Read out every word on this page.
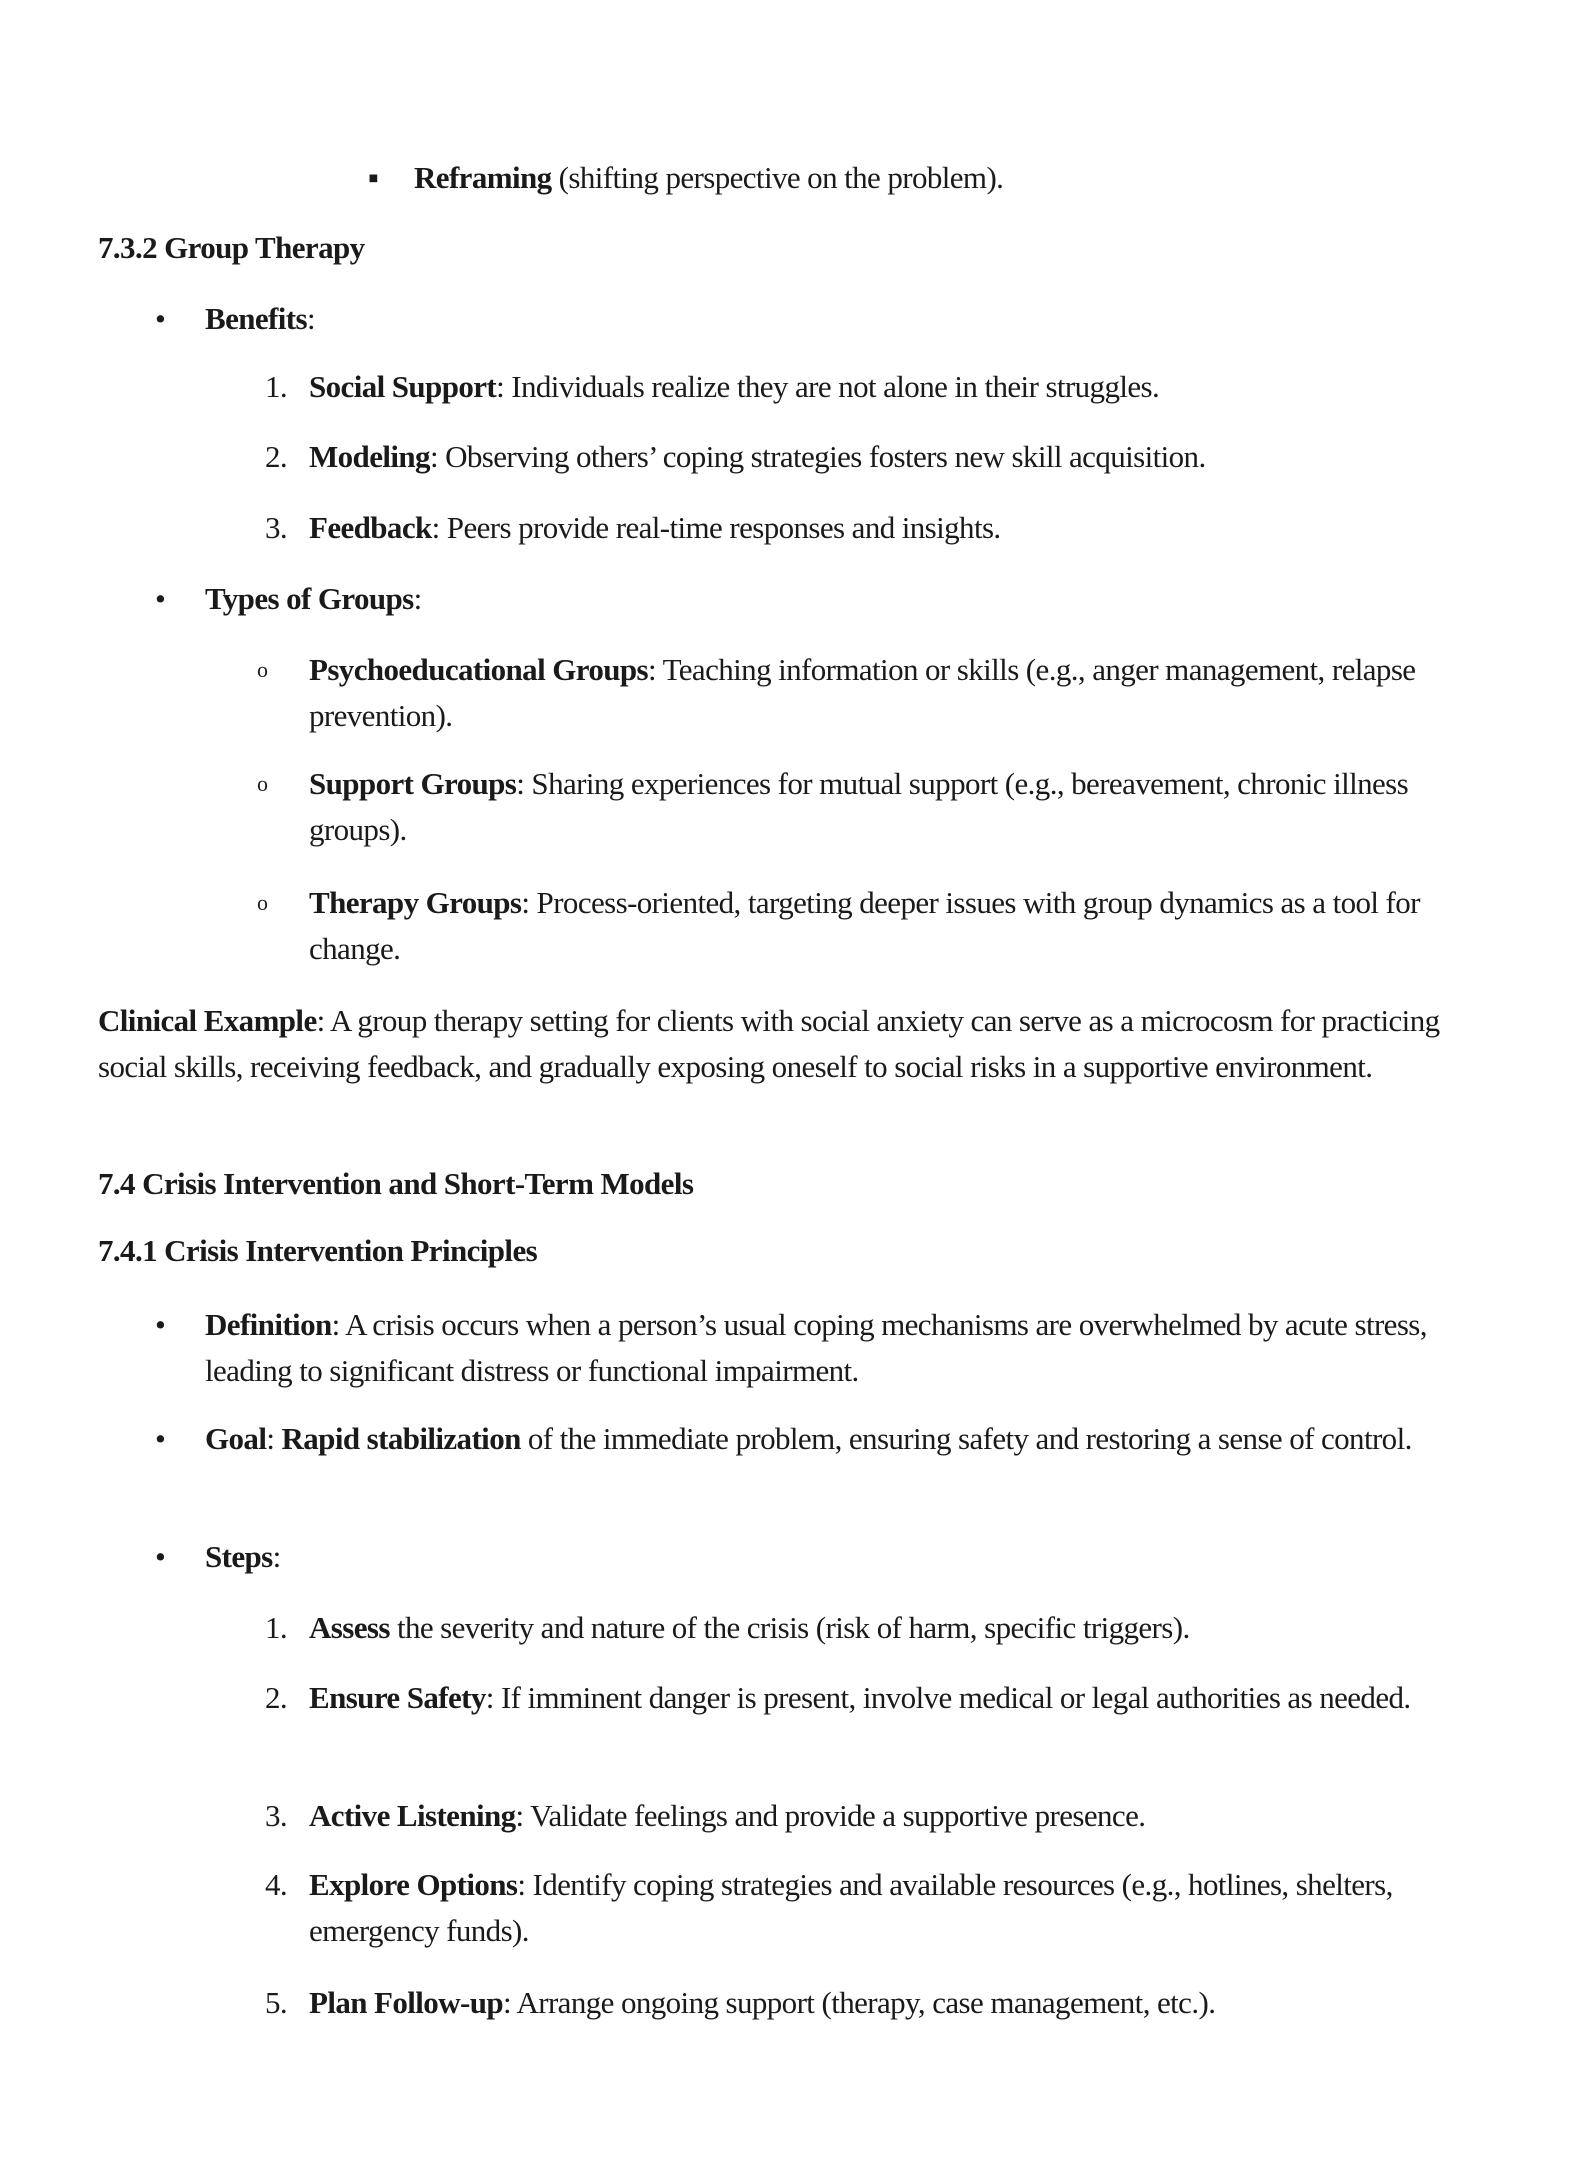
▪ Reframing (shifting perspective on the problem).
7.3.2 Group Therapy
• Benefits:
1. Social Support: Individuals realize they are not alone in their struggles.
2. Modeling: Observing others’ coping strategies fosters new skill acquisition.
3. Feedback: Peers provide real-time responses and insights.
• Types of Groups:
o Psychoeducational Groups: Teaching information or skills (e.g., anger management, relapse prevention).
o Support Groups: Sharing experiences for mutual support (e.g., bereavement, chronic illness groups).
o Therapy Groups: Process-oriented, targeting deeper issues with group dynamics as a tool for change.
Clinical Example: A group therapy setting for clients with social anxiety can serve as a microcosm for practicing social skills, receiving feedback, and gradually exposing oneself to social risks in a supportive environment.
7.4 Crisis Intervention and Short-Term Models
7.4.1 Crisis Intervention Principles
• Definition: A crisis occurs when a person’s usual coping mechanisms are overwhelmed by acute stress, leading to significant distress or functional impairment.
• Goal: Rapid stabilization of the immediate problem, ensuring safety and restoring a sense of control.
• Steps:
1. Assess the severity and nature of the crisis (risk of harm, specific triggers).
2. Ensure Safety: If imminent danger is present, involve medical or legal authorities as needed.
3. Active Listening: Validate feelings and provide a supportive presence.
4. Explore Options: Identify coping strategies and available resources (e.g., hotlines, shelters, emergency funds).
5. Plan Follow-up: Arrange ongoing support (therapy, case management, etc.).
